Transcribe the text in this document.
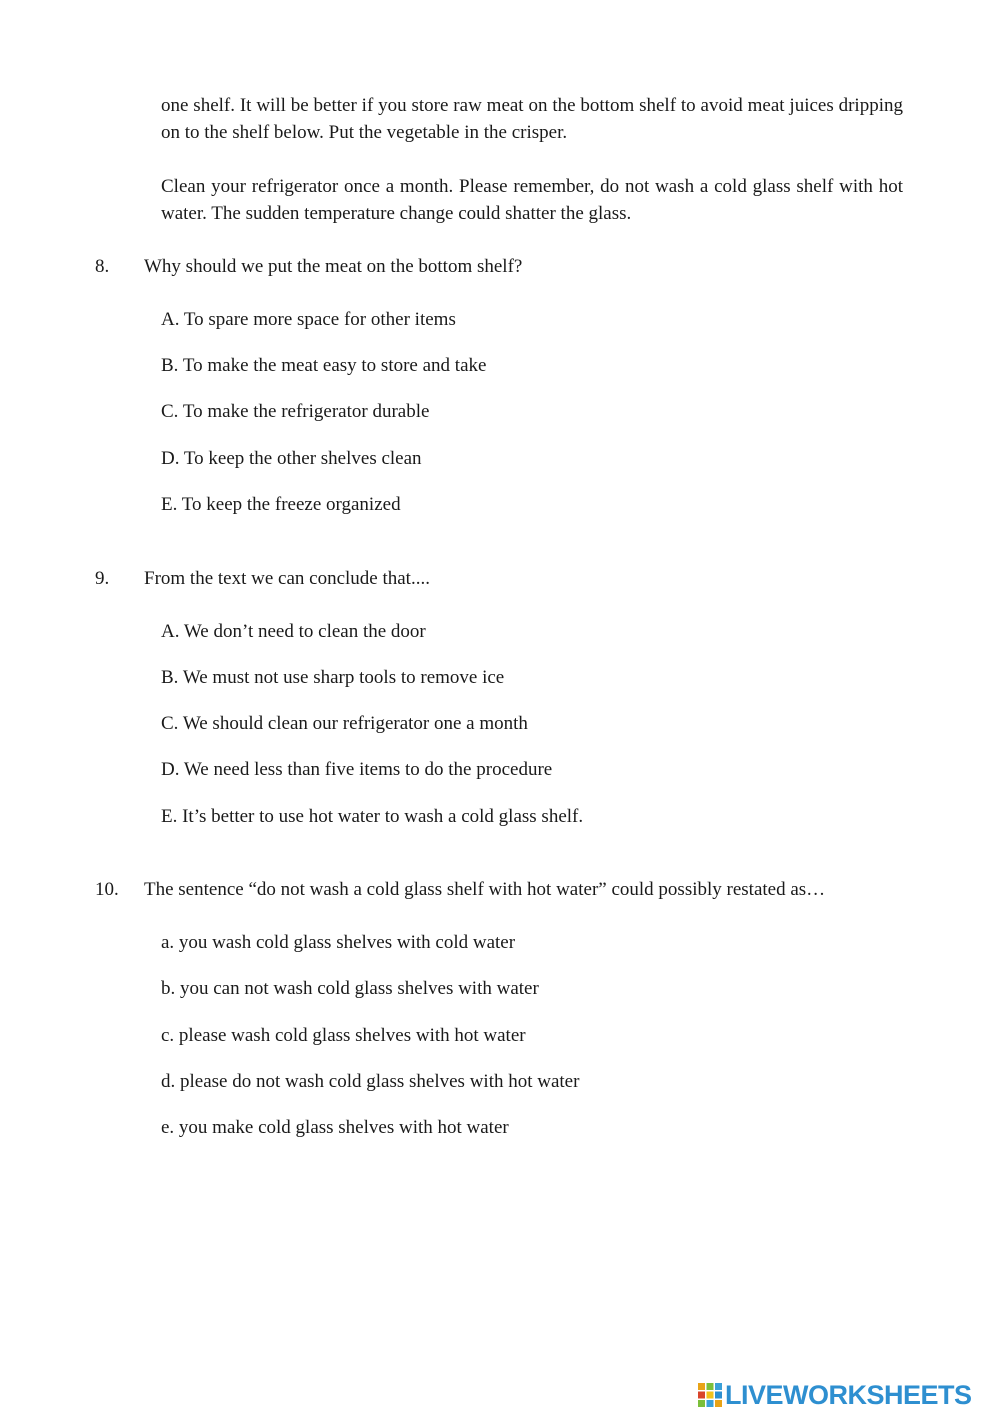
one shelf. It will be better if you store raw meat on the bottom shelf to avoid meat juices dripping on to the shelf below. Put the vegetable in the crisper.

Clean your refrigerator once a month. Please remember, do not wash a cold glass shelf with hot water. The sudden temperature change could shatter the glass.

8. Why should we put the meat on the bottom shelf?

A. To spare more space for other items

B. To make the meat easy to store and take

C. To make the refrigerator durable

D. To keep the other shelves clean

E. To keep the freeze organized

9. From the text we can conclude that....

A. We don’t need to clean the door

B. We must not use sharp tools to remove ice

C. We should clean our refrigerator one a month

D. We need less than five items to do the procedure

E. It’s better to use hot water to wash a cold glass shelf.

10. The sentence “do not wash a cold glass shelf with hot water” could possibly restated as…

a. you wash cold glass shelves with cold water

b. you can not wash cold glass shelves with water

c. please wash cold glass shelves with hot water

d. please do not wash cold glass shelves with hot water

e. you make cold glass shelves with hot water

LIVEWORKSHEETS
